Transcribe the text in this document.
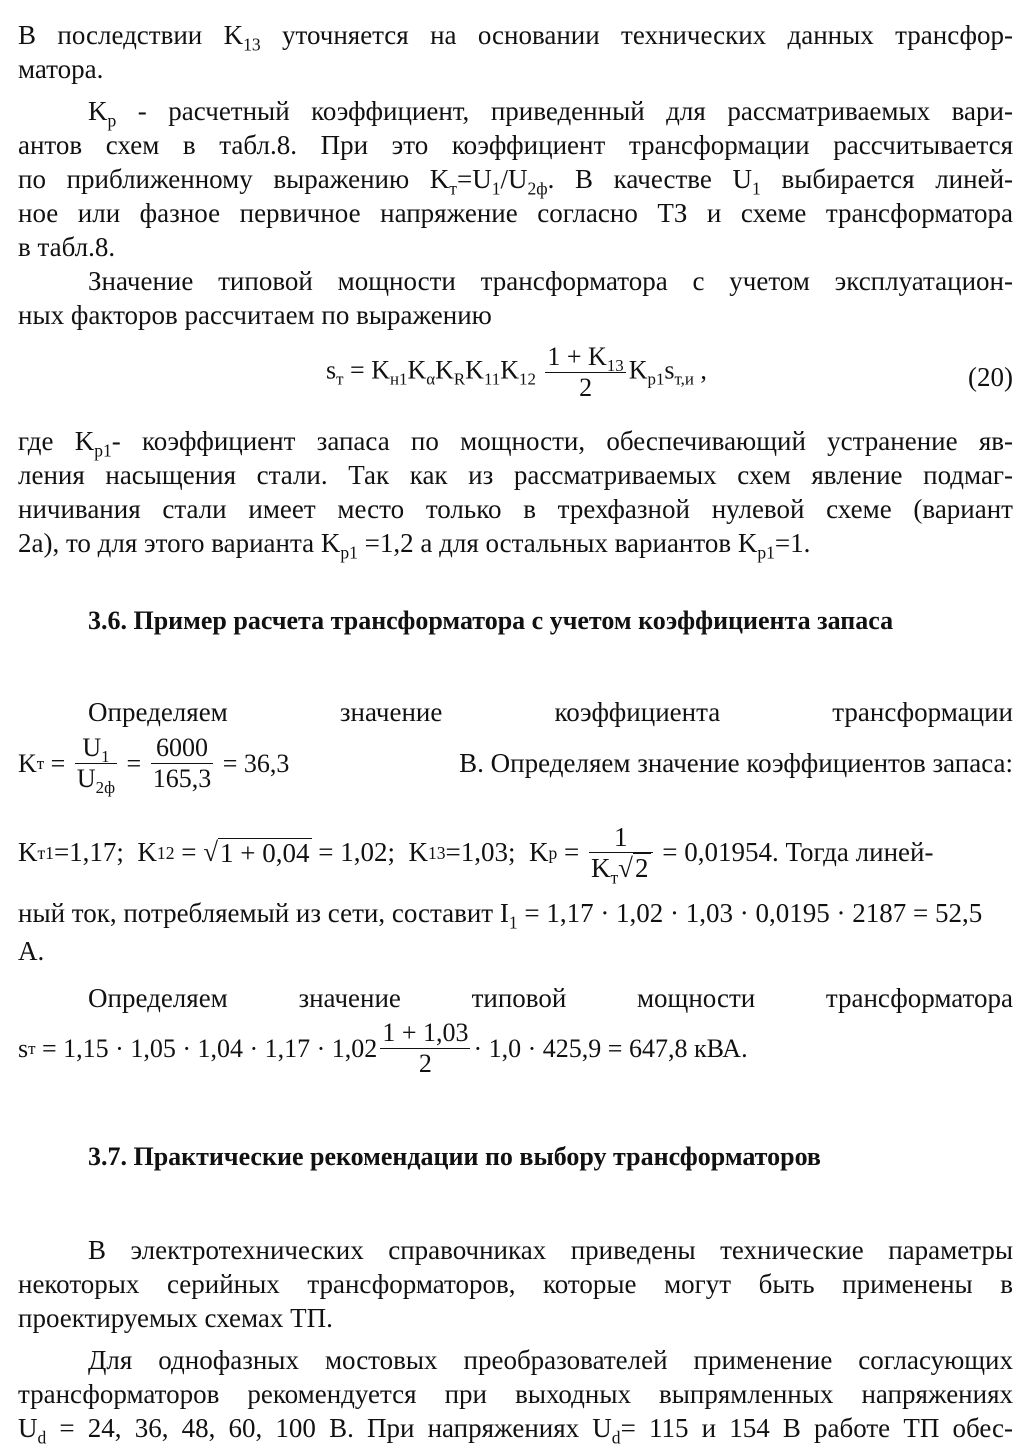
В последствии $K_{13}$ уточняется на основании технических данных трансфор-
матора.
$K_р$ - расчетный коэффициент, приведенный для рассматриваемых вари-
антов схем в табл.8. При это коэффициент трансформации рассчитывается
по приближенному выражению $K_т=U_1/U_{2ф}$. В качестве $U_1$ выбирается линей-
ное или фазное первичное напряжение согласно ТЗ и схеме трансформатора
в табл.8.
Значение типовой мощности трансформатора с учетом эксплуатацион-
ных факторов рассчитаем по выражению
$s_т = K_{н1}K_\alpha K_RK_{11}K_{12} \frac{1 + K_{13}}{2} K_{р1}s_{т,и}$ ,	(20)
где $K_{р1}-$ коэффициент запаса по мощности, обеспечивающий устранение яв-
ления насыщения стали. Так как из рассматриваемых схем явление подмаг-
ничивания стали имеет место только в трехфазной нулевой схеме (вариант
2а), то для этого варианта $K_{р1} =1,2$ а для остальных вариантов $K_{р1}=1$.
3.6. Пример расчета трансформатора с учетом коэффициента запаса
Определяем	значение	коэффициента	трансформации
K $т = \frac{U_1}{U_{2ф}} = \frac{6000}{165,3} = 36,3$	В. Определяем значение коэффициентов запаса:
K т1 =1,17;  K 12 = √ 1 + 0,04 = 1,02;  K 13 =1,03;  K $р = \frac{1}{K_т√2} = 0,01954$. Тогда линей-
ный ток, потребляемый из сети, составит $I_1 = 1,17 \cdot 1,02 \cdot 1,03 \cdot 0,0195 \cdot 2187 = 52,5$
А.
Определяем	значение	типовой	мощности	трансформатора
s $т = 1,15 \cdot 1,05 \cdot 1,04 \cdot 1,17 \cdot 1,02 \frac{1 + 1,03}{2} \cdot 1,0 \cdot 425,9 = 647,8$ кВА.
3.7. Практические рекомендации по выбору трансформаторов
В электротехнических справочниках приведены технические параметры
некоторых серийных трансформаторов, которые могут быть применены в
проектируемых схемах ТП.
Для однофазных мостовых преобразователей применение согласующих
трансформаторов рекомендуется при выходных выпрямленных напряжениях
$U_d = 24$, 36, 48, 60, 100 В. При напряжениях $U_d= 115$ и 154 В работе ТП обес-
